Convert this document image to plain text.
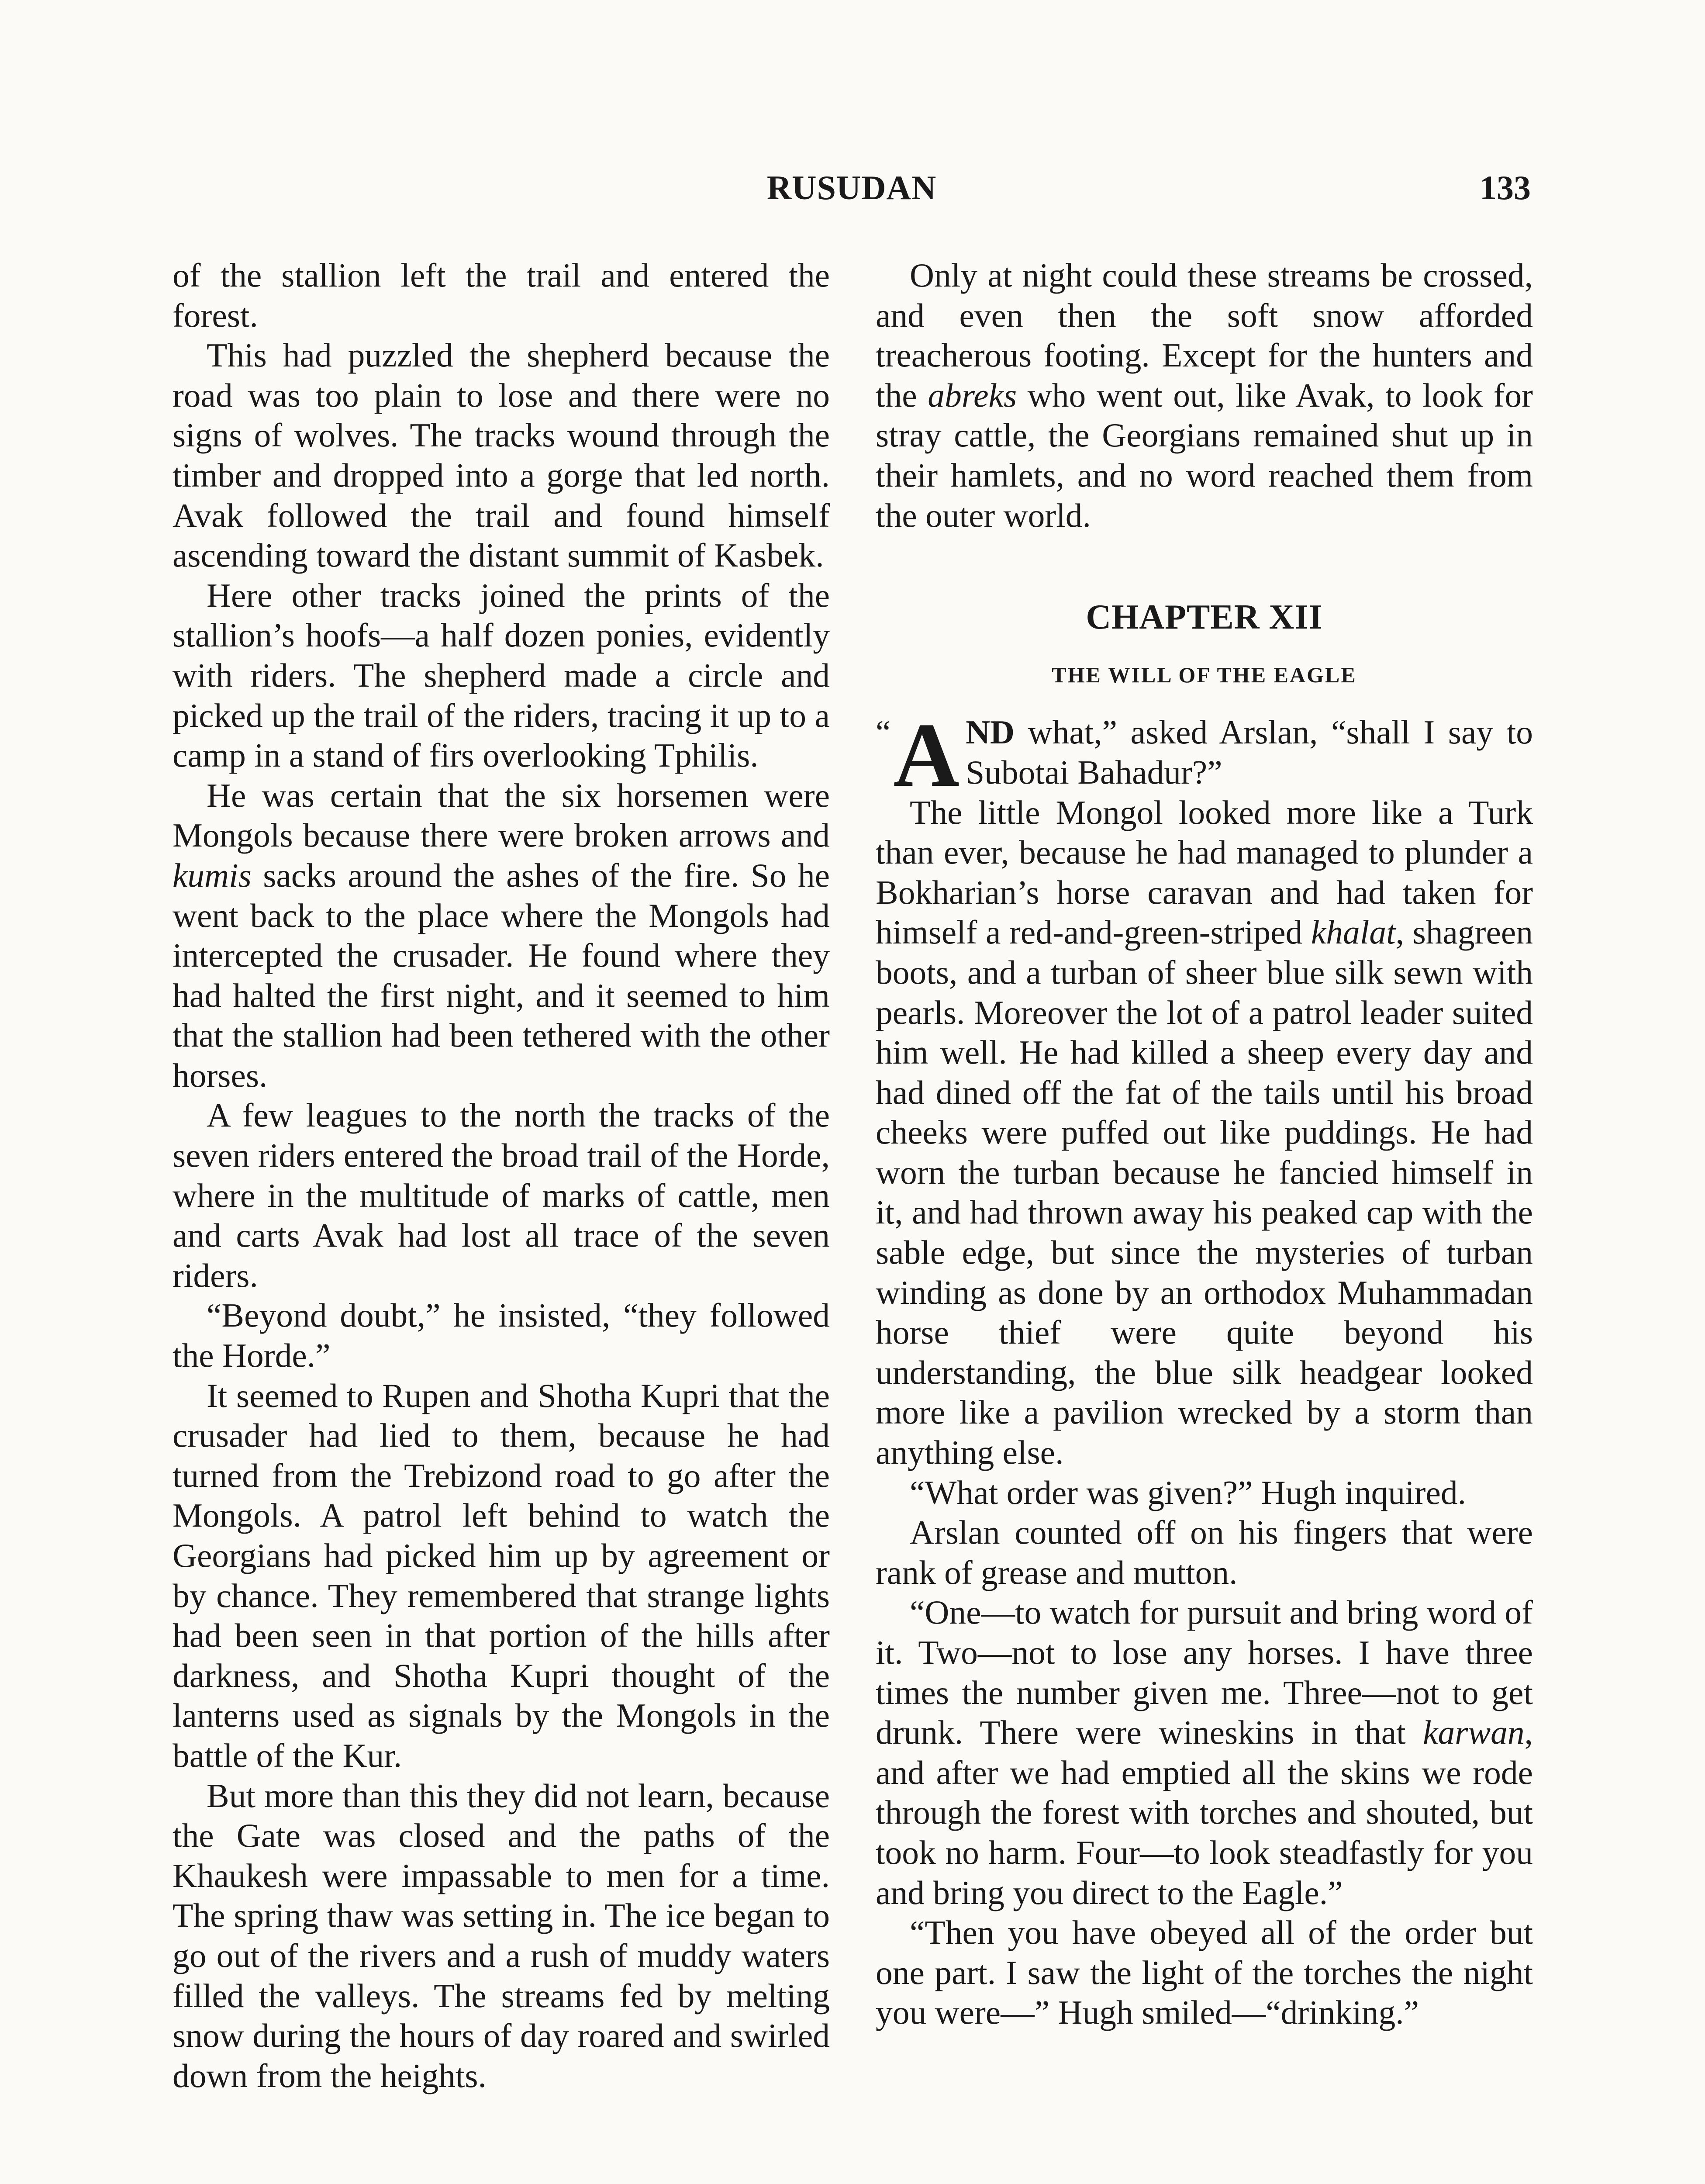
RUSUDAN	133

of the stallion left the trail and entered the forest.

This had puzzled the shepherd because the road was too plain to lose and there were no signs of wolves. The tracks wound through the timber and dropped into a gorge that led north. Avak followed the trail and found himself ascending toward the distant summit of Kasbek.

Here other tracks joined the prints of the stallion’s hoofs—a half dozen ponies, evidently with riders. The shepherd made a circle and picked up the trail of the riders, tracing it up to a camp in a stand of firs overlooking Tphilis.

He was certain that the six horsemen were Mongols because there were broken arrows and kumis sacks around the ashes of the fire. So he went back to the place where the Mongols had intercepted the crusader. He found where they had halted the first night, and it seemed to him that the stallion had been tethered with the other horses.

A few leagues to the north the tracks of the seven riders entered the broad trail of the Horde, where in the multitude of marks of cattle, men and carts Avak had lost all trace of the seven riders.

“Beyond doubt,” he insisted, “they followed the Horde.”

It seemed to Rupen and Shotha Kupri that the crusader had lied to them, because he had turned from the Trebizond road to go after the Mongols. A patrol left behind to watch the Georgians had picked him up by agreement or by chance. They remembered that strange lights had been seen in that portion of the hills after darkness, and Shotha Kupri thought of the lanterns used as signals by the Mongols in the battle of the Kur.

But more than this they did not learn, because the Gate was closed and the paths of the Khaukesh were impassable to men for a time. The spring thaw was setting in. The ice began to go out of the rivers and a rush of muddy waters filled the valleys. The streams fed by melting snow during the hours of day roared and swirled down from the heights.

Only at night could these streams be crossed, and even then the soft snow afforded treacherous footing. Except for the hunters and the abreks who went out, like Avak, to look for stray cattle, the Georgians remained shut up in their hamlets, and no word reached them from the outer world.

CHAPTER XII
THE WILL OF THE EAGLE

“ A ND what,” asked Arslan, “shall I say to Subotai Bahadur?”

The little Mongol looked more like a Turk than ever, because he had managed to plunder a Bokharian’s horse caravan and had taken for himself a red-and-green-striped khalat, shagreen boots, and a turban of sheer blue silk sewn with pearls. Moreover the lot of a patrol leader suited him well. He had killed a sheep every day and had dined off the fat of the tails until his broad cheeks were puffed out like puddings. He had worn the turban because he fancied himself in it, and had thrown away his peaked cap with the sable edge, but since the mysteries of turban winding as done by an orthodox Muhammadan horse thief were quite beyond his understanding, the blue silk headgear looked more like a pavilion wrecked by a storm than anything else.

“What order was given?” Hugh inquired.

Arslan counted off on his fingers that were rank of grease and mutton.

“One—to watch for pursuit and bring word of it. Two—not to lose any horses. I have three times the number given me. Three—not to get drunk. There were wineskins in that karwan, and after we had emptied all the skins we rode through the forest with torches and shouted, but took no harm. Four—to look steadfastly for you and bring you direct to the Eagle.”

“Then you have obeyed all of the order but one part. I saw the light of the torches the night you were—” Hugh smiled—“drinking.”
